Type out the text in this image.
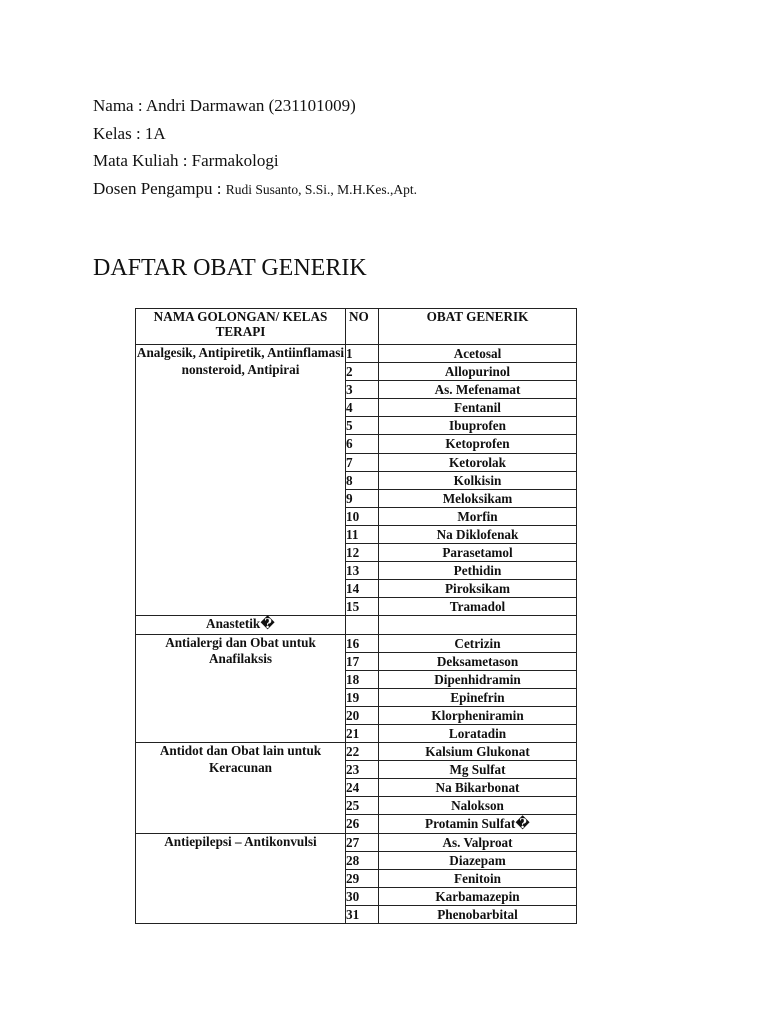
Nama : Andri Darmawan (231101009)
Kelas : 1A
Mata Kuliah : Farmakologi
Dosen Pengampu : Rudi Susanto, S.Si., M.H.Kes.,Apt.
DAFTAR OBAT GENERIK
NAMA GOLONGAN/ KELAS TERAPI	NO	OBAT GENERIK
Analgesik, Antipiretik, Antiinflamasi nonsteroid, Antipirai	1	Acetosal
	2	Allopurinol
	3	As. Mefenamat
	4	Fentanil
	5	Ibuprofen
	6	Ketoprofen
	7	Ketorolak
	8	Kolkisin
	9	Meloksikam
	10	Morfin
	11	Na Diklofenak
	12	Parasetamol
	13	Pethidin
	14	Piroksikam
	15	Tramadol
Anastetik�		
Antialergi dan Obat untuk Anafilaksis	16	Cetrizin
	17	Deksametason
	18	Dipenhidramin
	19	Epinefrin
	20	Klorpheniramin
	21	Loratadin
Antidot dan Obat lain untuk Keracunan	22	Kalsium Glukonat
	23	Mg Sulfat
	24	Na Bikarbonat
	25	Nalokson
	26	Protamin Sulfat�
Antiepilepsi – Antikonvulsi	27	As. Valproat
	28	Diazepam
	29	Fenitoin
	30	Karbamazepin
	31	Phenobarbital
